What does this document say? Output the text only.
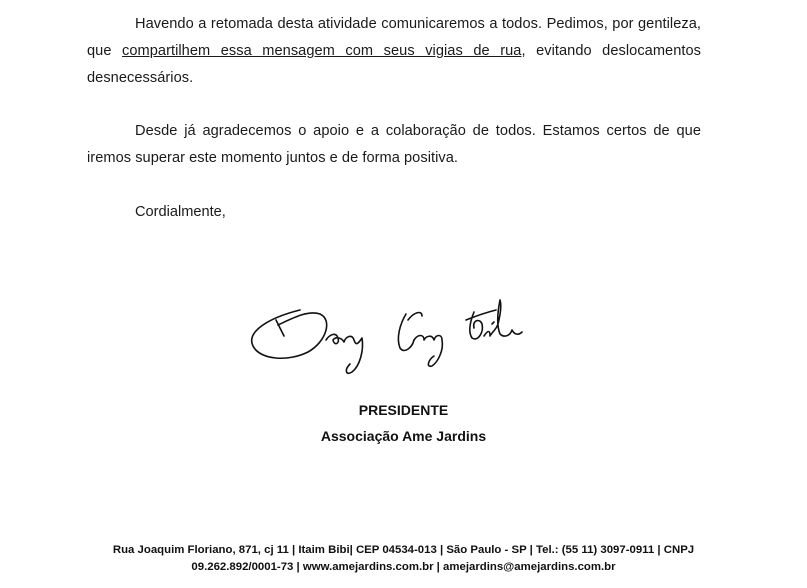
Havendo a retomada desta atividade comunicaremos a todos. Pedimos, por gentileza, que compartilhem essa mensagem com seus vigias de rua, evitando deslocamentos desnecessários.

Desde já agradecemos o apoio e a colaboração de todos. Estamos certos de que iremos superar este momento juntos e de forma positiva.

Cordialmente,

PRESIDENTE

Associação Ame Jardins

Rua Joaquim Floriano, 871, cj 11 | Itaim Bibi| CEP 04534-013 | São Paulo - SP | Tel.: (55 11) 3097-0911 | CNPJ
09.262.892/0001-73 | www.amejardins.com.br | amejardins@amejardins.com.br
